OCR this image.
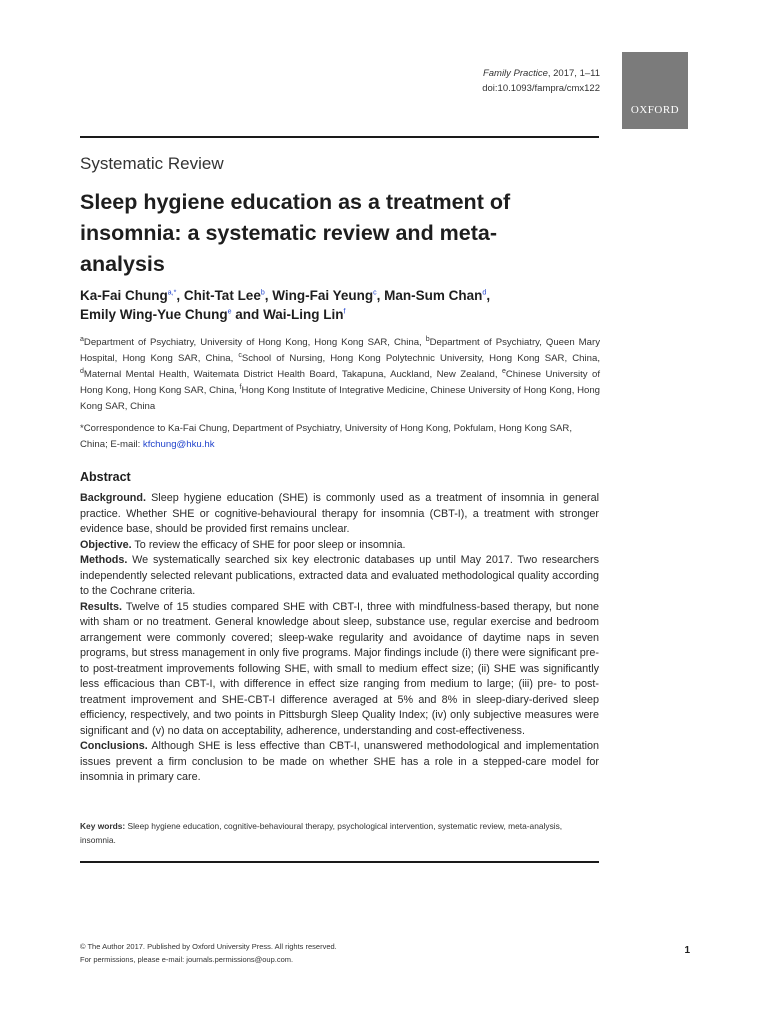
Family Practice, 2017, 1–11
doi:10.1093/fampra/cmx122
OXFORD
Systematic Review
Sleep hygiene education as a treatment of insomnia: a systematic review and meta-analysis
Ka-Fai Chung$^{a,*}$, Chit-Tat Lee$^b$, Wing-Fai Yeung$^c$, Man-Sum Chan$^d$,
Emily Wing-Yue Chung$^e$ and Wai-Ling Lin$^f$
$^a$Department of Psychiatry, University of Hong Kong, Hong Kong SAR, China, $^b$Department of Psychiatry, Queen Mary Hospital, Hong Kong SAR, China, $^c$School of Nursing, Hong Kong Polytechnic University, Hong Kong SAR, China, $^d$Maternal Mental Health, Waitemata District Health Board, Takapuna, Auckland, New Zealand, $^e$Chinese University of Hong Kong, Hong Kong SAR, China, $^f$Hong Kong Institute of Integrative Medicine, Chinese University of Hong Kong, Hong Kong SAR, China
*Correspondence to Ka-Fai Chung, Department of Psychiatry, University of Hong Kong, Pokfulam, Hong Kong SAR, China; E-mail: kfchung@hku.hk
Abstract

Background. Sleep hygiene education (SHE) is commonly used as a treatment of insomnia in general practice. Whether SHE or cognitive-behavioural therapy for insomnia (CBT-I), a treatment with stronger evidence base, should be provided first remains unclear.

Objective. To review the efficacy of SHE for poor sleep or insomnia.

Methods. We systematically searched six key electronic databases up until May 2017. Two researchers independently selected relevant publications, extracted data and evaluated methodological quality according to the Cochrane criteria.

Results. Twelve of 15 studies compared SHE with CBT-I, three with mindfulness-based therapy, but none with sham or no treatment. General knowledge about sleep, substance use, regular exercise and bedroom arrangement were commonly covered; sleep-wake regularity and avoidance of daytime naps in seven programs, but stress management in only five programs. Major findings include (i) there were significant pre- to post-treatment improvements following SHE, with small to medium effect size; (ii) SHE was significantly less efficacious than CBT-I, with difference in effect size ranging from medium to large; (iii) pre- to post-treatment improvement and SHE-CBT-I difference averaged at 5% and 8% in sleep-diary-derived sleep efficiency, respectively, and two points in Pittsburgh Sleep Quality Index; (iv) only subjective measures were significant and (v) no data on acceptability, adherence, understanding and cost-effectiveness.

Conclusions. Although SHE is less effective than CBT-I, unanswered methodological and implementation issues prevent a firm conclusion to be made on whether SHE has a role in a stepped-care model for insomnia in primary care.

Key words: Sleep hygiene education, cognitive-behavioural therapy, psychological intervention, systematic review, meta-analysis, insomnia.
© The Author 2017. Published by Oxford University Press. All rights reserved.
For permissions, please e-mail: journals.permissions@oup.com.
1
